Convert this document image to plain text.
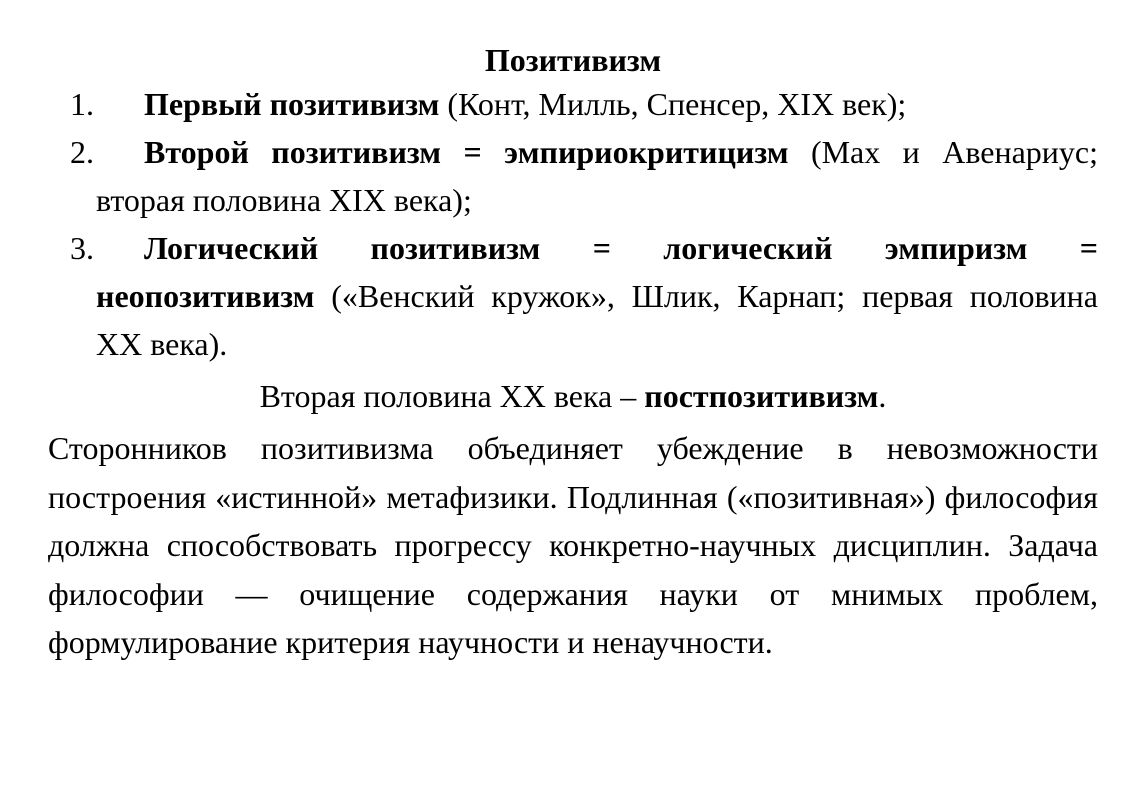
Позитивизм
1. Первый позитивизм (Конт, Милль, Спенсер, XIX век);
2. Второй позитивизм = эмпириокритицизм (Мах и Авенариус; вторая половина XIX века);
3. Логический позитивизм = логический эмпиризм = неопозитивизм («Венский кружок», Шлик, Карнап; первая половина XX века).
Вторая половина XX века – постпозитивизм.
Сторонников позитивизма объединяет убеждение в невозможности построения «истинной» метафизики. Подлинная («позитивная») философия должна способствовать прогрессу конкретно-научных дисциплин. Задача философии — очищение содержания науки от мнимых проблем, формулирование критерия научности и ненаучности.
